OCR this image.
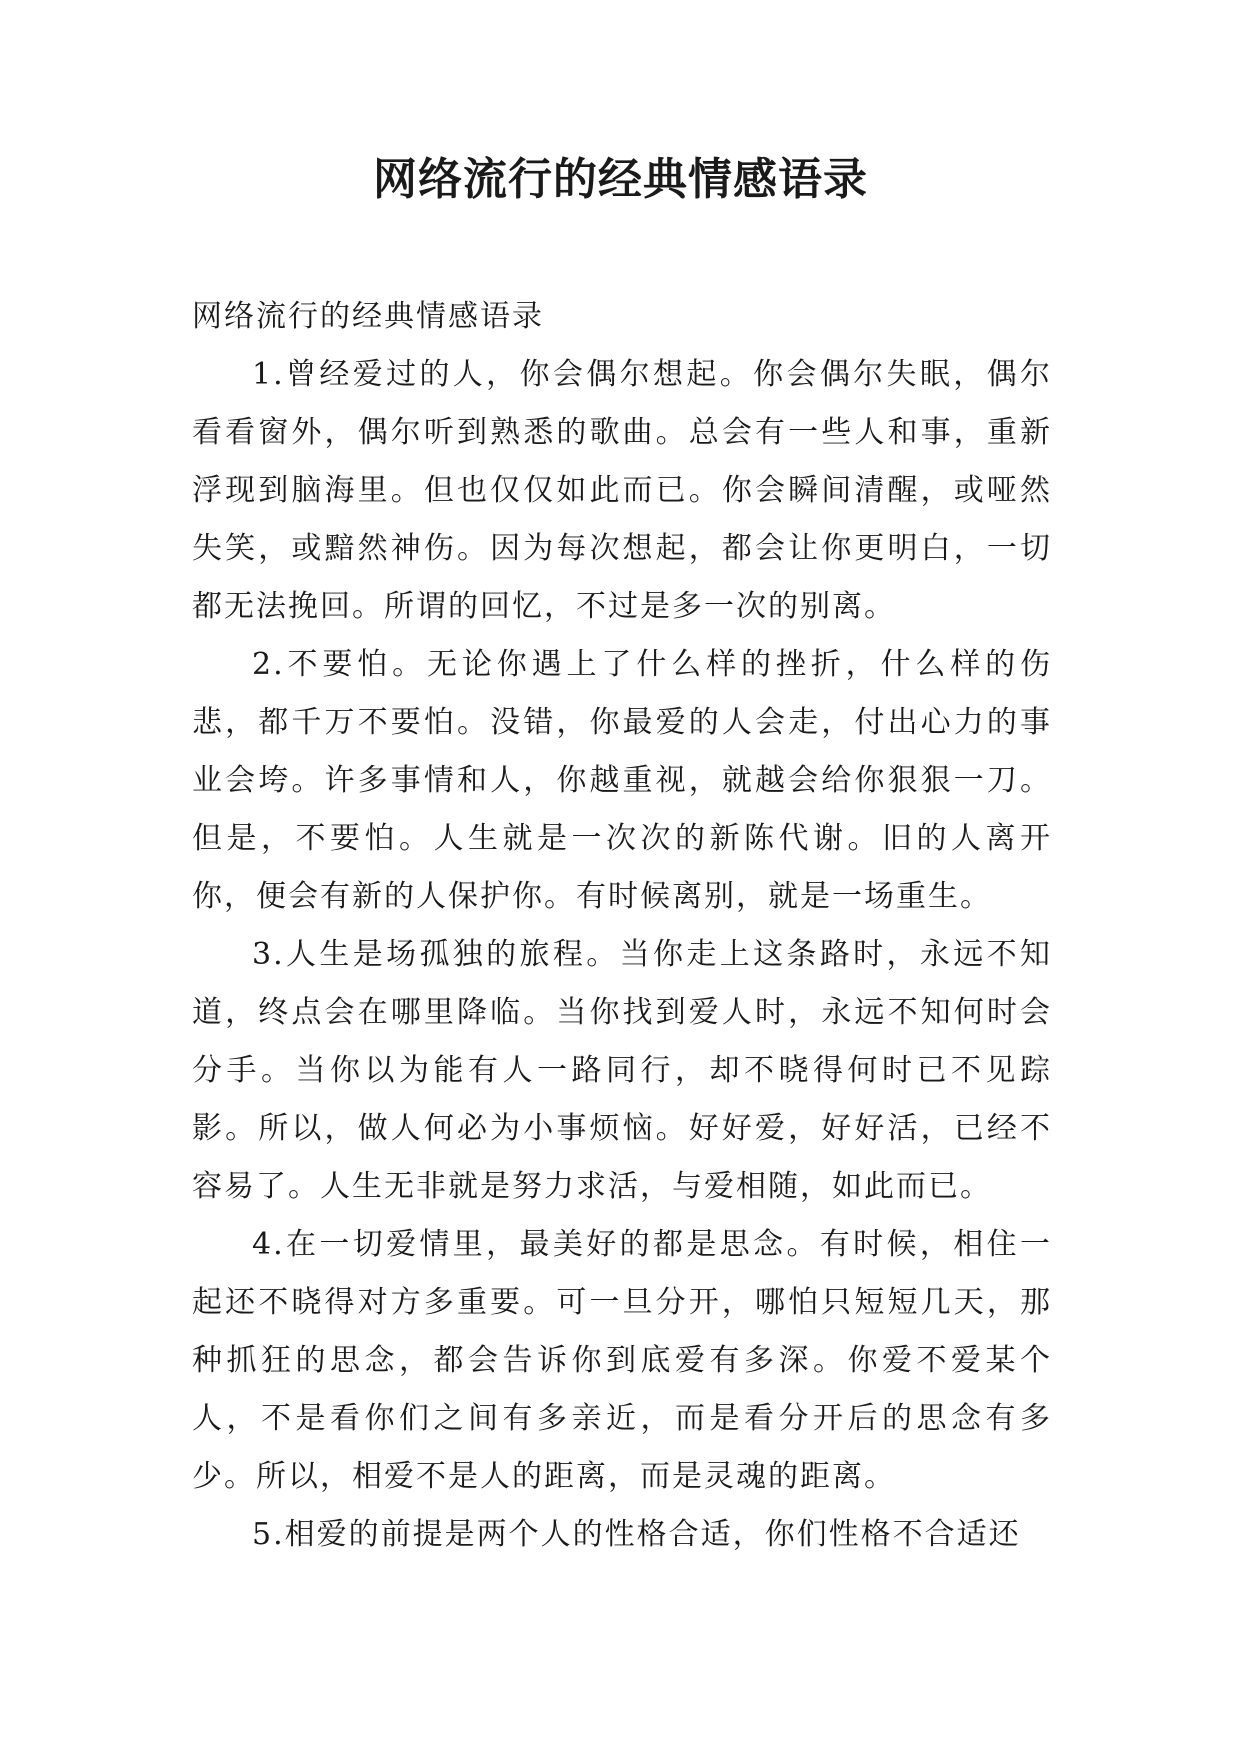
网络流行的经典情感语录

网络流行的经典情感语录

1.曾经爱过的人，你会偶尔想起。你会偶尔失眠，偶尔看看窗外，偶尔听到熟悉的歌曲。总会有一些人和事，重新浮现到脑海里。但也仅仅如此而已。你会瞬间清醒，或哑然失笑，或黯然神伤。因为每次想起，都会让你更明白，一切都无法挽回。所谓的回忆，不过是多一次的别离。

2.不要怕。无论你遇上了什么样的挫折，什么样的伤悲，都千万不要怕。没错，你最爱的人会走，付出心力的事业会垮。许多事情和人，你越重视，就越会给你狠狠一刀。但是，不要怕。人生就是一次次的新陈代谢。旧的人离开你，便会有新的人保护你。有时候离别，就是一场重生。

3.人生是场孤独的旅程。当你走上这条路时，永远不知道，终点会在哪里降临。当你找到爱人时，永远不知何时会分手。当你以为能有人一路同行，却不晓得何时已不见踪影。所以，做人何必为小事烦恼。好好爱，好好活，已经不容易了。人生无非就是努力求活，与爱相随，如此而已。

4.在一切爱情里，最美好的都是思念。有时候，相住一起还不晓得对方多重要。可一旦分开，哪怕只短短几天，那种抓狂的思念，都会告诉你到底爱有多深。你爱不爱某个人，不是看你们之间有多亲近，而是看分开后的思念有多少。所以，相爱不是人的距离，而是灵魂的距离。

5.相爱的前提是两个人的性格合适，你们性格不合适还
